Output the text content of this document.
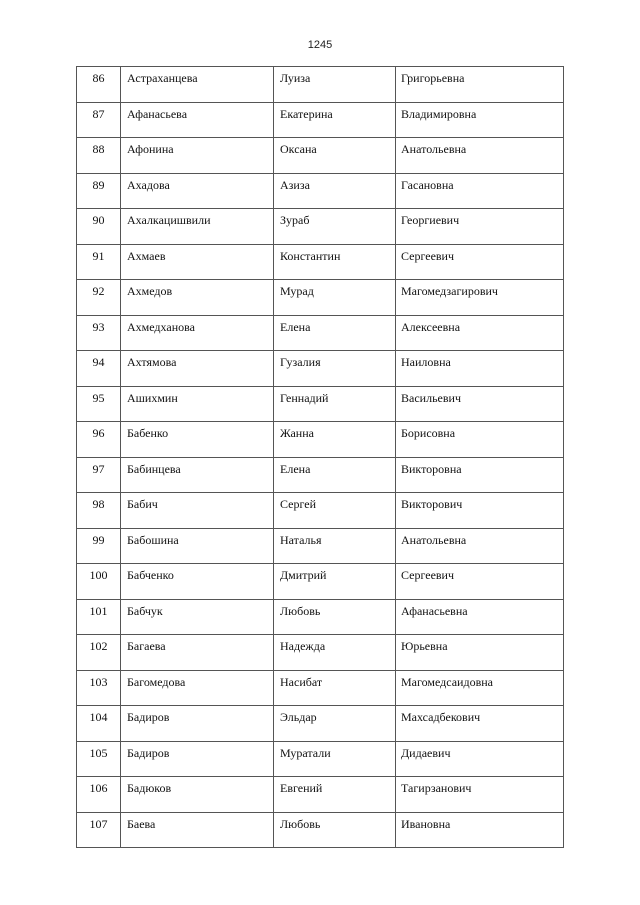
1245
86	Астраханцева	Луиза	Григорьевна

87	Афанасьева	Екатерина	Владимировна

88	Афонина	Оксана	Анатольевна

89	Ахадова	Азиза	Гасановна

90	Ахалкацишвили	Зураб	Георгиевич

91	Ахмаев	Константин	Сергеевич

92	Ахмедов	Мурад	Магомедзагирович

93	Ахмедханова	Елена	Алексеевна

94	Ахтямова	Гузалия	Наиловна

95	Ашихмин	Геннадий	Васильевич

96	Бабенко	Жанна	Борисовна

97	Бабинцева	Елена	Викторовна

98	Бабич	Сергей	Викторович

99	Бабошина	Наталья	Анатольевна

100	Бабченко	Дмитрий	Сергеевич

101	Бабчук	Любовь	Афанасьевна

102	Багаева	Надежда	Юрьевна

103	Багомедова	Насибат	Магомедсаидовна

104	Бадиров	Эльдар	Махсадбекович

105	Бадиров	Муратали	Дидаевич

106	Бадюков	Евгений	Тагирзанович

107	Баева	Любовь	Ивановна
